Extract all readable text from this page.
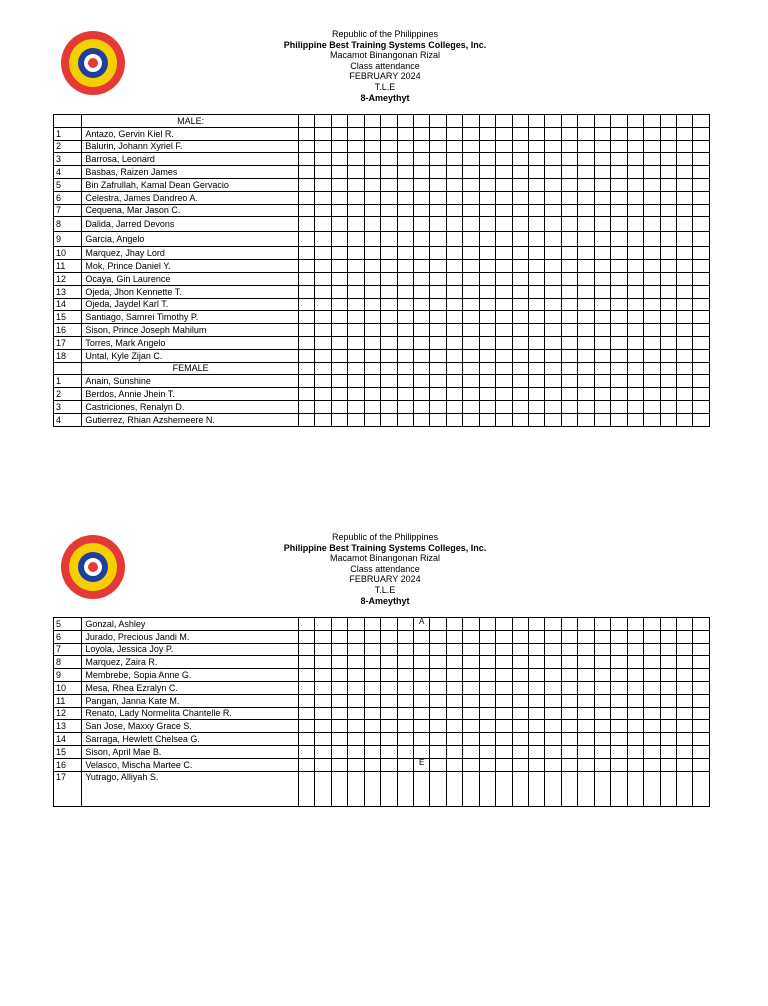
Republic of the Philippines
Philippine Best Training Systems Colleges, Inc.
Macamot Binangonan Rizal
Class attendance
FEBRUARY 2024
T.L.E
8-Ameythyt
	MALE:																									
1	Antazo, Gervin Kiel R.																									
2	Balurin, Johann Xyriel F.																									
3	Barrosa, Leonard																									
4	Basbas, Raizen James																									
5	Bin Zafrullah, Kamal Dean Gervacio																									
6	Celestra, James Dandreo A.																									
7	Cequena, Mar Jason C.																									
8	Dalida, Jarred Devons																									
9	Garcia, Angelo																									
10	Marquez, Jhay Lord																									
11	Mok, Prince Daniel Y.																									
12	Ocaya, Gin Laurence																									
13	Ojeda, Jhon Kennette T.																									
14	Ojeda, Jaydel Karl T.																									
15	Santiago, Samrei Timothy P.																									
16	Sison, Prince Joseph Mahilum																									
17	Torres, Mark Angelo																									
18	Untal, Kyle Zijan C.																									
	FEMALE																									
1	Anain, Sunshine																									
2	Berdos, Annie Jhein T.																									
3	Castriciones, Renalyn D.																									
4	Gutierrez, Rhian Azshemeere N.																									
Republic of the Philippines
Philippine Best Training Systems Colleges, Inc.
Macamot Binangonan Rizal
Class attendance
FEBRUARY 2024
T.L.E
8-Ameythyt
5	Gonzal, Ashley								A																	
6	Jurado, Precious Jandi M.																									
7	Loyola, Jessica Joy P.																									
8	Marquez, Zaira R.																									
9	Membrebe, Sopia Anne G.																									
10	Mesa, Rhea Ezralyn C.																									
11	Pangan, Janna Kate M.																									
12	Renato, Lady Normelita Chantelle R.																									
13	San Jose, Maxxy Grace S.																									
14	Sarraga, Hewlett Chelsea G.																									
15	Sison, April Mae B.																									
16	Velasco, Mischa Martee C.								E																	
17	Yutrago, Alliyah S.																									
